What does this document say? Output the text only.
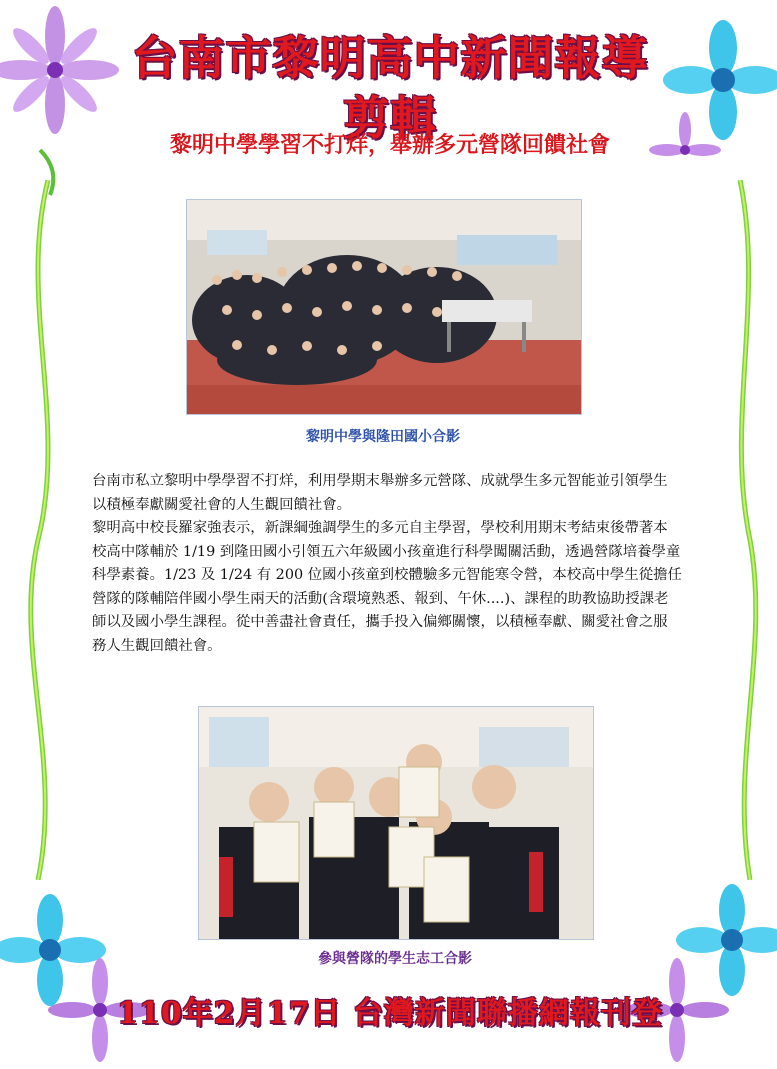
台南市黎明高中新聞報導剪輯
黎明中學學習不打烊，舉辦多元營隊回饋社會
黎明中學與隆田國小合影

台南市私立黎明中學學習不打烊，利用學期末舉辦多元營隊、成就學生多元智能並引領學生以積極奉獻關愛社會的人生觀回饋社會。

黎明高中校長羅家強表示，新課綱強調學生的多元自主學習，學校利用期末考結束後帶著本校高中隊輔於 1/19 到隆田國小引領五六年級國小孩童進行科學闖關活動，透過營隊培養學童科學素養。1/23 及 1/24 有 200 位國小孩童到校體驗多元智能寒令營，本校高中學生從擔任營隊的隊輔陪伴國小學生兩天的活動(含環境熟悉、報到、午休....)、課程的助教協助授課老師以及國小學生課程。從中善盡社會責任，攜手投入偏鄉關懷，以積極奉獻、關愛社會之服務人生觀回饋社會。

參與營隊的學生志工合影
110年2月17日 台灣新聞聯播網報刊登
